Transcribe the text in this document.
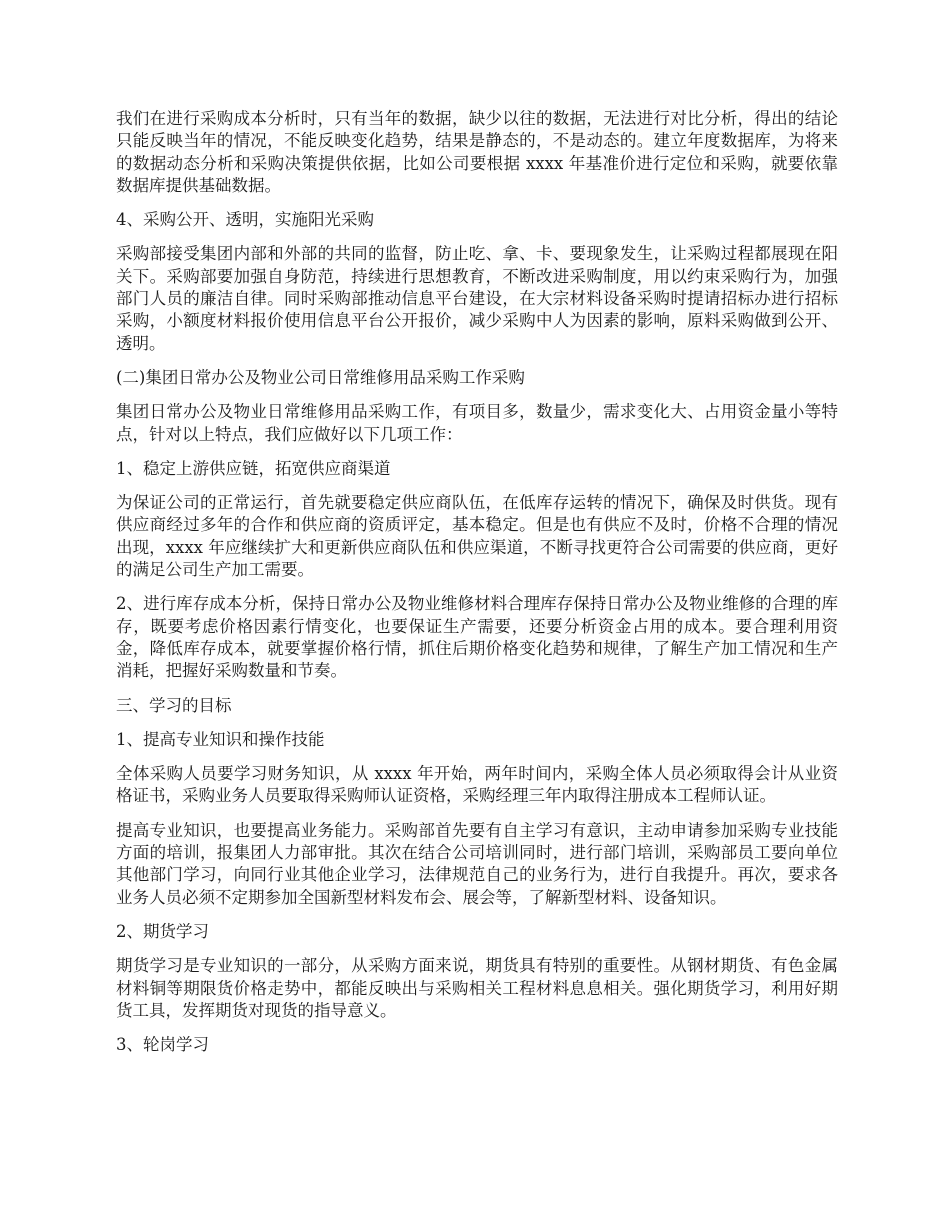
我们在进行采购成本分析时，只有当年的数据，缺少以往的数据，无法进行对比分析，得出的结论只能反映当年的情况，不能反映变化趋势，结果是静态的，不是动态的。建立年度数据库，为将来的数据动态分析和采购决策提供依据，比如公司要根据 xxxx 年基准价进行定位和采购，就要依靠数据库提供基础数据。

4、采购公开、透明，实施阳光采购

采购部接受集团内部和外部的共同的监督，防止吃、拿、卡、要现象发生，让采购过程都展现在阳关下。采购部要加强自身防范，持续进行思想教育，不断改进采购制度，用以约束采购行为，加强部门人员的廉洁自律。同时采购部推动信息平台建设，在大宗材料设备采购时提请招标办进行招标采购，小额度材料报价使用信息平台公开报价，减少采购中人为因素的影响，原料采购做到公开、透明。

(二)集团日常办公及物业公司日常维修用品采购工作采购

集团日常办公及物业日常维修用品采购工作，有项目多，数量少，需求变化大、占用资金量小等特点，针对以上特点，我们应做好以下几项工作：

1、稳定上游供应链，拓宽供应商渠道

为保证公司的正常运行，首先就要稳定供应商队伍，在低库存运转的情况下，确保及时供货。现有供应商经过多年的合作和供应商的资质评定，基本稳定。但是也有供应不及时，价格不合理的情况出现，xxxx 年应继续扩大和更新供应商队伍和供应渠道，不断寻找更符合公司需要的供应商，更好的满足公司生产加工需要。

2、进行库存成本分析，保持日常办公及物业维修材料合理库存保持日常办公及物业维修的合理的库存，既要考虑价格因素行情变化，也要保证生产需要，还要分析资金占用的成本。要合理利用资金，降低库存成本，就要掌握价格行情，抓住后期价格变化趋势和规律，了解生产加工情况和生产消耗，把握好采购数量和节奏。

三、学习的目标

1、提高专业知识和操作技能

全体采购人员要学习财务知识，从 xxxx 年开始，两年时间内，采购全体人员必须取得会计从业资格证书，采购业务人员要取得采购师认证资格，采购经理三年内取得注册成本工程师认证。

提高专业知识，也要提高业务能力。采购部首先要有自主学习有意识，主动申请参加采购专业技能方面的培训，报集团人力部审批。其次在结合公司培训同时，进行部门培训，采购部员工要向单位其他部门学习，向同行业其他企业学习，法律规范自己的业务行为，进行自我提升。再次，要求各业务人员必须不定期参加全国新型材料发布会、展会等，了解新型材料、设备知识。

2、期货学习

期货学习是专业知识的一部分，从采购方面来说，期货具有特别的重要性。从钢材期货、有色金属材料铜等期限货价格走势中，都能反映出与采购相关工程材料息息相关。强化期货学习，利用好期货工具，发挥期货对现货的指导意义。

3、轮岗学习
